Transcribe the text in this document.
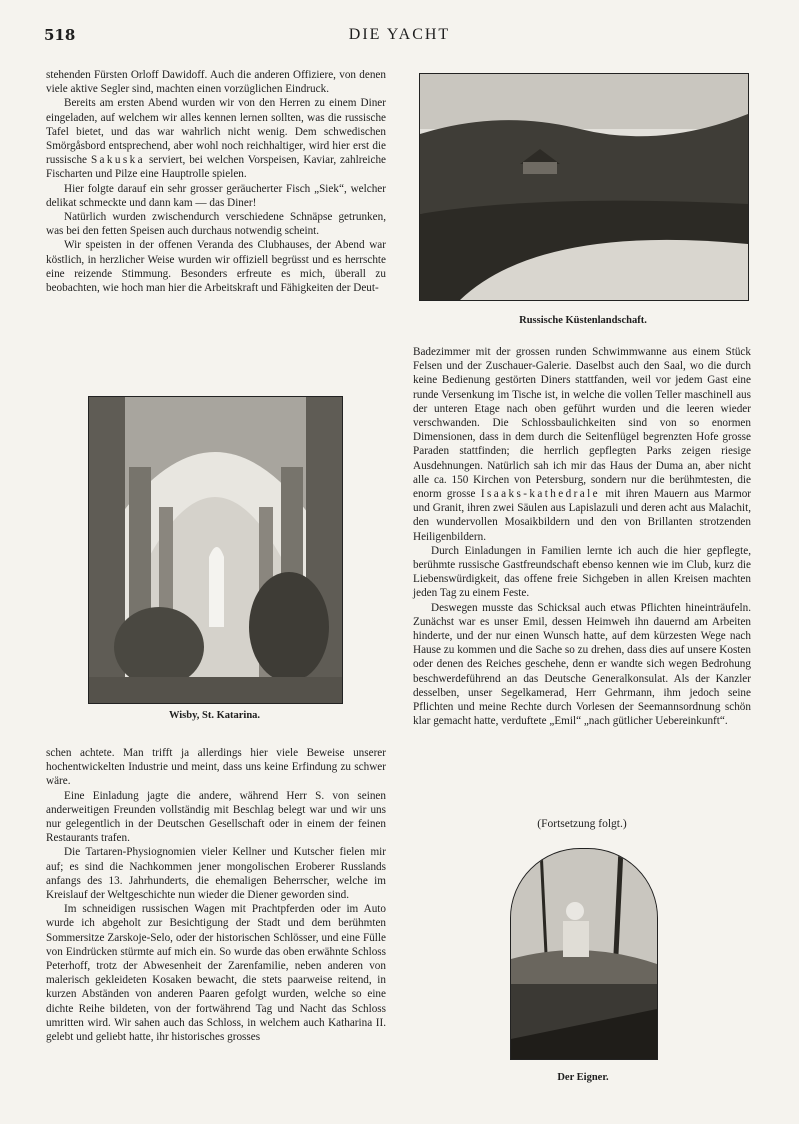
518	DIE YACHT

stehenden Fürsten Orloff Dawidoff. Auch die anderen Offiziere, von denen viele aktive Segler sind, machten einen vorzüglichen Eindruck.

Bereits am ersten Abend wurden wir von den Herren zu einem Diner eingeladen, auf welchem wir alles kennen lernen sollten, was die russische Tafel bietet, und das war wahrlich nicht wenig. Dem schwedischen Smörgåsbord entsprechend, aber wohl noch reichhaltiger, wird hier erst die russische Sakuska serviert, bei welchen Vorspeisen, Kaviar, zahlreiche Fischarten und Pilze eine Hauptrolle spielen.

Hier folgte darauf ein sehr grosser geräucherter Fisch „Siek“, welcher delikat schmeckte und dann kam — das Diner!

Natürlich wurden zwischendurch verschiedene Schnäpse getrunken, was bei den fetten Speisen auch durchaus notwendig scheint.

Wir speisten in der offenen Veranda des Clubhauses, der Abend war köstlich, in herzlicher Weise wurden wir offiziell begrüsst und es herrschte eine reizende Stimmung. Besonders erfreute es mich, überall zu beobachten, wie hoch man hier die Arbeitskraft und Fähigkeiten der Deut-

Wisby, St. Katarina.

schen achtete. Man trifft ja allerdings hier viele Beweise unserer hochentwickelten Industrie und meint, dass uns keine Erfindung zu schwer wäre.

Eine Einladung jagte die andere, während Herr S. von seinen anderweitigen Freunden vollständig mit Beschlag belegt war und wir uns nur gelegentlich in der Deutschen Gesellschaft oder in einem der feinen Restaurants trafen.

Die Tartaren-Physiognomien vieler Kellner und Kutscher fielen mir auf; es sind die Nachkommen jener mongolischen Eroberer Russlands anfangs des 13. Jahrhunderts, die ehemaligen Beherrscher, welche im Kreislauf der Weltgeschichte nun wieder die Diener geworden sind.

Im schneidigen russischen Wagen mit Prachtpferden oder im Auto wurde ich abgeholt zur Besichtigung der Stadt und dem berühmten Sommersitze Zarskoje-Selo, oder der historischen Schlösser, und eine Fülle von Eindrücken stürmte auf mich ein. So wurde das oben erwähnte Schloss Peterhoff, trotz der Abwesenheit der Zarenfamilie, neben anderen von malerisch gekleideten Kosaken bewacht, die stets paarweise reitend, in kurzen Abständen von anderen Paaren gefolgt wurden, welche so eine dichte Reihe bildeten, von der fortwährend Tag und Nacht das Schloss umritten wird. Wir sahen auch das Schloss, in welchem auch Katharina II. gelebt und geliebt hatte, ihr historisches grosses

Russische Küstenlandschaft.

Badezimmer mit der grossen runden Schwimmwanne aus einem Stück Felsen und der Zuschauer-Galerie. Daselbst auch den Saal, wo die durch keine Bedienung gestörten Diners stattfanden, weil vor jedem Gast eine runde Versenkung im Tische ist, in welche die vollen Teller maschinell aus der unteren Etage nach oben geführt wurden und die leeren wieder verschwanden. Die Schlossbaulichkeiten sind von so enormen Dimensionen, dass in dem durch die Seitenflügel begrenzten Hofe grosse Paraden stattfinden; die herrlich gepflegten Parks zeigen riesige Ausdehnungen. Natürlich sah ich mir das Haus der Duma an, aber nicht alle ca. 150 Kirchen von Petersburg, sondern nur die berühmtesten, die enorm grosse Isaaks-kathedrale mit ihren Mauern aus Marmor und Granit, ihren zwei Säulen aus Lapislazuli und deren acht aus Malachit, den wundervollen Mosaikbildern und den von Brillanten strotzenden Heiligenbildern.

Durch Einladungen in Familien lernte ich auch die hier gepflegte, berühmte russische Gastfreundschaft ebenso kennen wie im Club, kurz die Liebenswürdigkeit, das offene freie Sichgeben in allen Kreisen machten jeden Tag zu einem Feste.

Deswegen musste das Schicksal auch etwas Pflichten hineinträufeln. Zunächst war es unser Emil, dessen Heimweh ihn dauernd am Arbeiten hinderte, und der nur einen Wunsch hatte, auf dem kürzesten Wege nach Hause zu kommen und die Sache so zu drehen, dass dies auf unsere Kosten oder denen des Reiches geschehe, denn er wandte sich wegen Bedrohung beschwerdeführend an das Deutsche Generalkonsulat. Als der Kanzler desselben, unser Segelkamerad, Herr Gehrmann, ihm jedoch seine Pflichten und meine Rechte durch Vorlesen der Seemannsordnung schön klar gemacht hatte, verduftete „Emil“ „nach gütlicher Uebereinkunft“.

(Fortsetzung folgt.)
Der Eigner.
